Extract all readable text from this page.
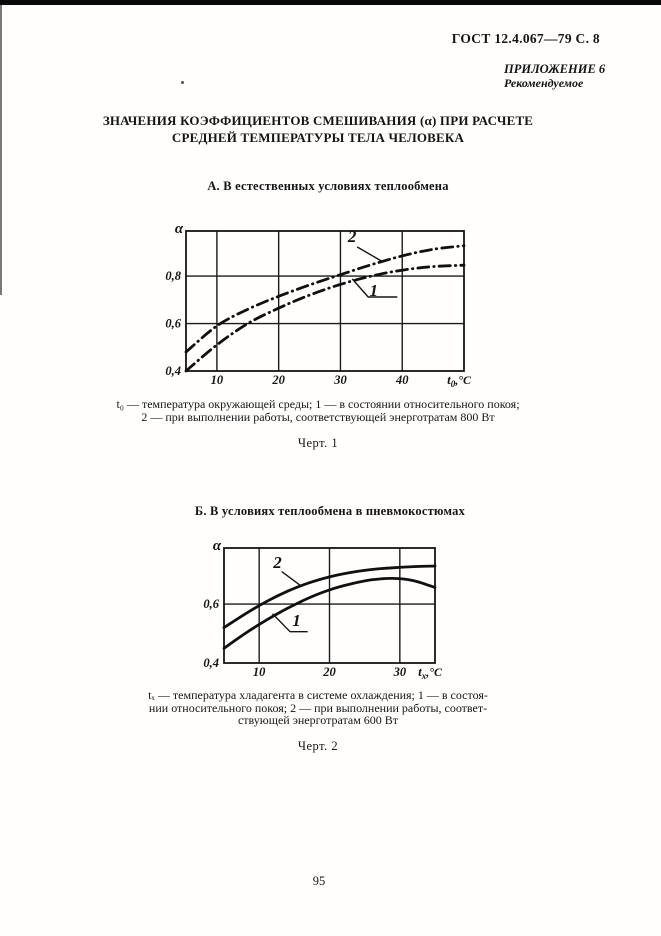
ГОСТ 12.4.067—79 С. 8
ПРИЛОЖЕНИЕ 6
Рекомендуемое
ЗНАЧЕНИЯ КОЭФФИЦИЕНТОВ СМЕШИВАНИЯ (α) ПРИ РАСЧЕТЕ
СРЕДНЕЙ ТЕМПЕРАТУРЫ ТЕЛА ЧЕЛОВЕКА
А. В естественных условиях теплообмена
10	20	30	40
0,4
0,6
0,8
2
1
α
t0,°C
t₀ — температура окружающей среды; 1 — в состоянии относительного покоя;
2 — при выполнении работы, соответствующей энерготратам 800 Вт
Черт. 1
Б. В условиях теплообмена в пневмокостюмах
10	20	30
0,4
0,6
2
1
α
tх,°C
tₓ — температура хладагента в системе охлаждения; 1 — в состоя-
нии относительного покоя; 2 — при выполнении работы, соответ-
ствующей энерготратам 600 Вт
Черт. 2
95
